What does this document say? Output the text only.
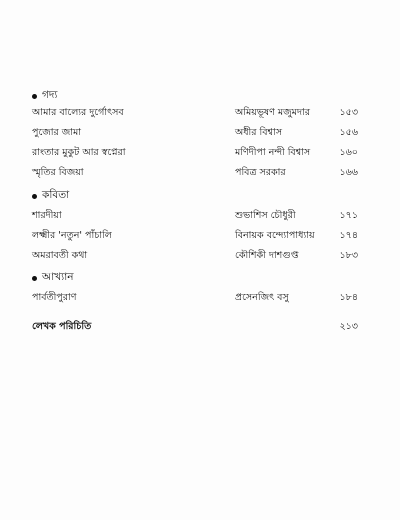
গদ্য
আমার বাল্যের দুর্গোৎসব	অমিয়ভূষণ মজুমদার	১৫৩
পুজোর জামা	অধীর বিশ্বাস	১৫৬
রাংতার মুকুট আর স্বপ্নেরা	মণিদীপা নন্দী বিশ্বাস	১৬০
স্মৃতির বিজয়া	পবিত্র সরকার	১৬৬
কবিতা
শারদীয়া	শুভাশিস চৌধুরী	১৭১
লক্ষ্মীর 'নতুন' পাঁচালি	বিনায়ক বন্দ্যোপাধ্যায়	১৭৪
অমরাবতী কথা	কৌশিকী দাশগুপ্ত	১৮৩
আখ্যান
পার্বতীপুরাণ	প্রসেনজিৎ বসু	১৮৪
লেখক পরিচিতি	২১৩
